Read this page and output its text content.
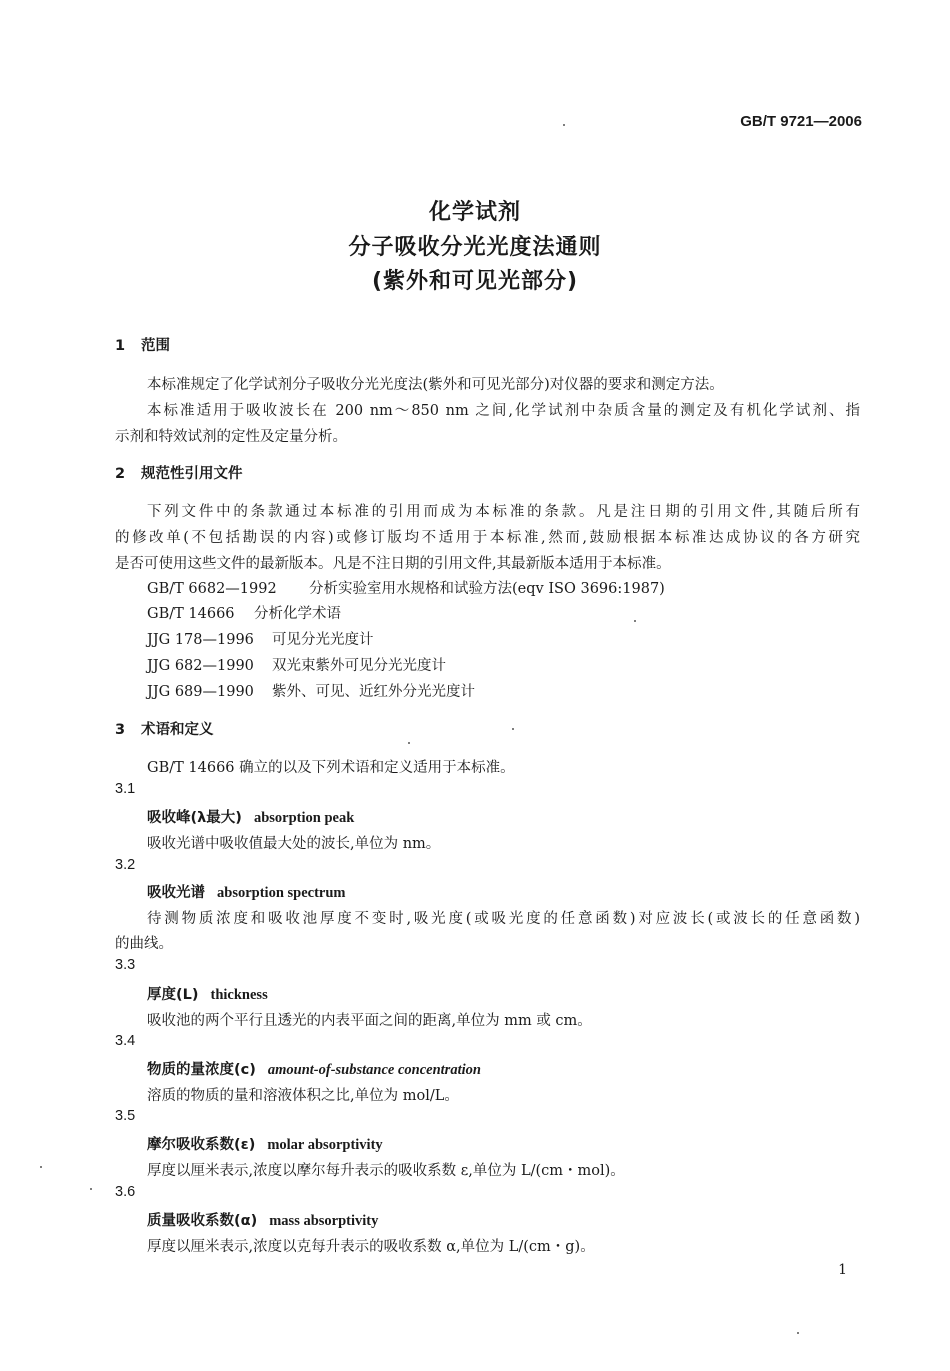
GB/T 9721—2006
化学试剂
分子吸收分光光度法通则
(紫外和可见光部分)
1 范围
本标准规定了化学试剂分子吸收分光光度法(紫外和可见光部分)对仪器的要求和测定方法。
本标准适用于吸收波长在 200 nm～850 nm 之间,化学试剂中杂质含量的测定及有机化学试剂、指
示剂和特效试剂的定性及定量分析。
2 规范性引用文件
下列文件中的条款通过本标准的引用而成为本标准的条款。凡是注日期的引用文件,其随后所有
的修改单(不包括勘误的内容)或修订版均不适用于本标准,然而,鼓励根据本标准达成协议的各方研究
是否可使用这些文件的最新版本。凡是不注日期的引用文件,其最新版本适用于本标准。
GB/T 6682—1992 分析实验室用水规格和试验方法(eqv ISO 3696:1987)
GB/T 14666 分析化学术语
JJG 178—1996 可见分光光度计
JJG 682—1990 双光束紫外可见分光光度计
JJG 689—1990 紫外、可见、近红外分光光度计
3 术语和定义
GB/T 14666 确立的以及下列术语和定义适用于本标准。
3.1
吸收峰(λ最大) absorption peak
吸收光谱中吸收值最大处的波长,单位为 nm。
3.2
吸收光谱 absorption spectrum
待测物质浓度和吸收池厚度不变时,吸光度(或吸光度的任意函数)对应波长(或波长的任意函数)
的曲线。
3.3
厚度(L) thickness
吸收池的两个平行且透光的内表平面之间的距离,单位为 mm 或 cm。
3.4
物质的量浓度(c) amount-of-substance concentration
溶质的物质的量和溶液体积之比,单位为 mol/L。
3.5
摩尔吸收系数(ε) molar absorptivity
厚度以厘米表示,浓度以摩尔每升表示的吸收系数 ε,单位为 L/(cm・mol)。
3.6
质量吸收系数(α) mass absorptivity
厚度以厘米表示,浓度以克每升表示的吸收系数 α,单位为 L/(cm・g)。
1
